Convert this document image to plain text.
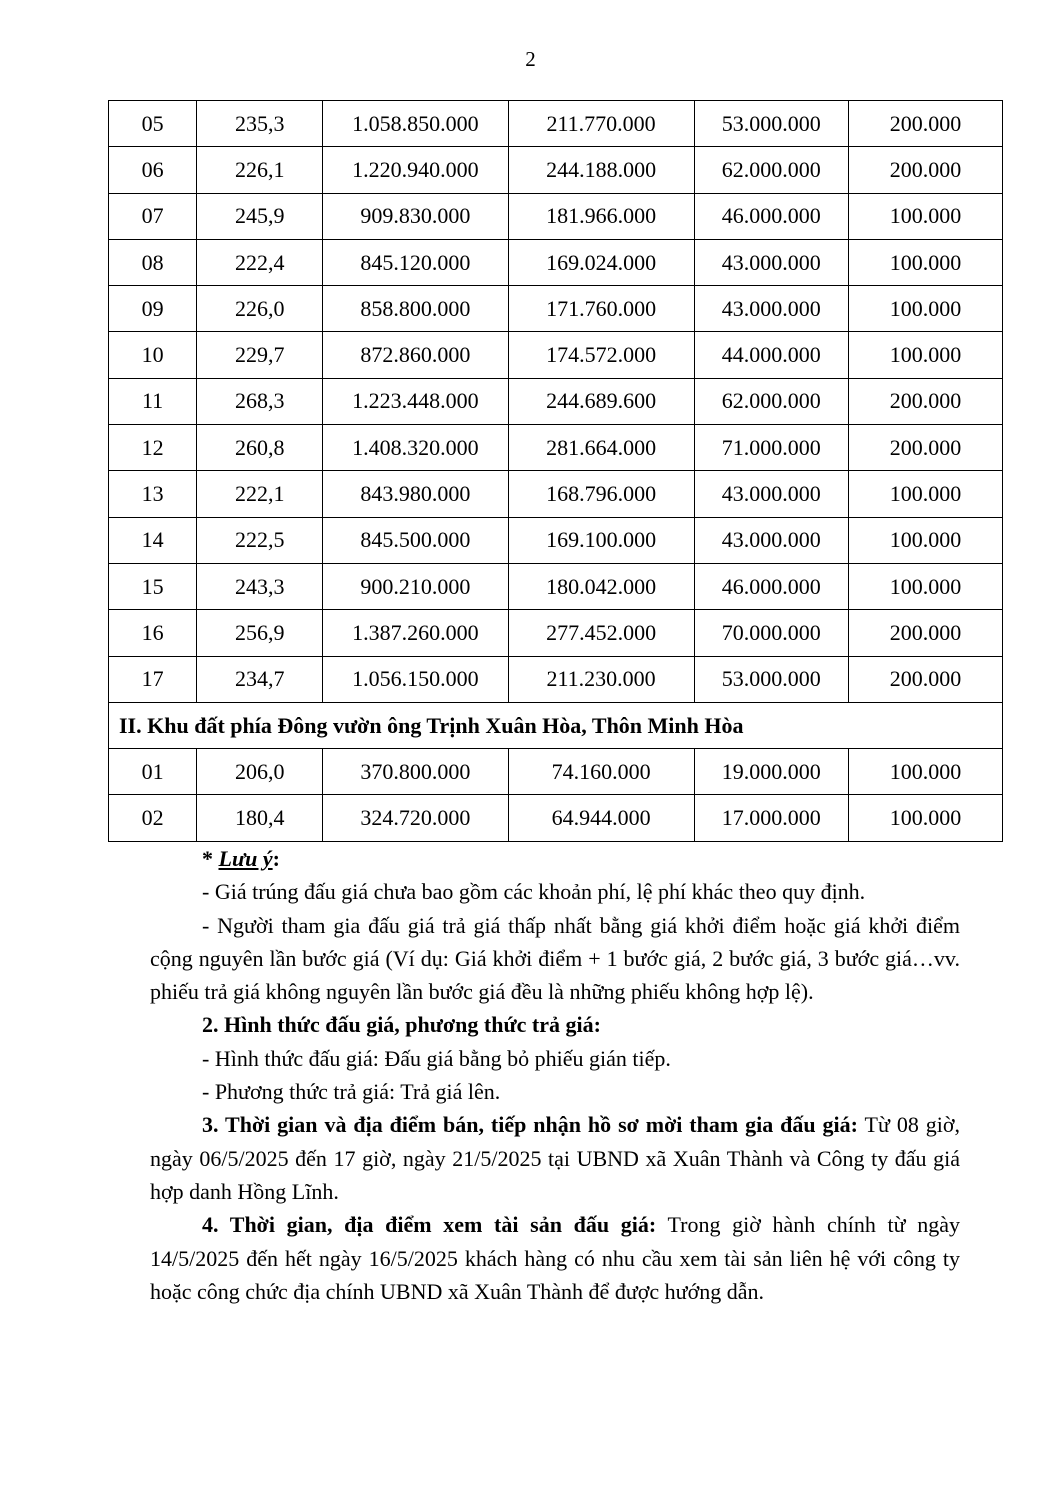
2
05	235,3	1.058.850.000	211.770.000	53.000.000	200.000
06	226,1	1.220.940.000	244.188.000	62.000.000	200.000
07	245,9	909.830.000	181.966.000	46.000.000	100.000
08	222,4	845.120.000	169.024.000	43.000.000	100.000
09	226,0	858.800.000	171.760.000	43.000.000	100.000
10	229,7	872.860.000	174.572.000	44.000.000	100.000
11	268,3	1.223.448.000	244.689.600	62.000.000	200.000
12	260,8	1.408.320.000	281.664.000	71.000.000	200.000
13	222,1	843.980.000	168.796.000	43.000.000	100.000
14	222,5	845.500.000	169.100.000	43.000.000	100.000
15	243,3	900.210.000	180.042.000	46.000.000	100.000
16	256,9	1.387.260.000	277.452.000	70.000.000	200.000
17	234,7	1.056.150.000	211.230.000	53.000.000	200.000
II. Khu đất phía Đông vườn ông Trịnh Xuân Hòa, Thôn Minh Hòa					
01	206,0	370.800.000	74.160.000	19.000.000	100.000
02	180,4	324.720.000	64.944.000	17.000.000	100.000

* Lưu ý:

- Giá trúng đấu giá chưa bao gồm các khoản phí, lệ phí khác theo quy định.

- Người tham gia đấu giá trả giá thấp nhất bằng giá khởi điểm hoặc giá khởi điểm cộng nguyên lần bước giá (Ví dụ: Giá khởi điểm + 1 bước giá, 2 bước giá, 3 bước giá…vv. phiếu trả giá không nguyên lần bước giá đều là những phiếu không hợp lệ).

2. Hình thức đấu giá, phương thức trả giá:

- Hình thức đấu giá: Đấu giá bằng bỏ phiếu gián tiếp.

- Phương thức trả giá: Trả giá lên.

3. Thời gian và địa điểm bán, tiếp nhận hồ sơ mời tham gia đấu giá: Từ 08 giờ, ngày 06/5/2025 đến 17 giờ, ngày 21/5/2025 tại UBND xã Xuân Thành và Công ty đấu giá hợp danh Hồng Lĩnh.

4. Thời gian, địa điểm xem tài sản đấu giá: Trong giờ hành chính từ ngày 14/5/2025 đến hết ngày 16/5/2025 khách hàng có nhu cầu xem tài sản liên hệ với công ty hoặc công chức địa chính UBND xã Xuân Thành để được hướng dẫn.
